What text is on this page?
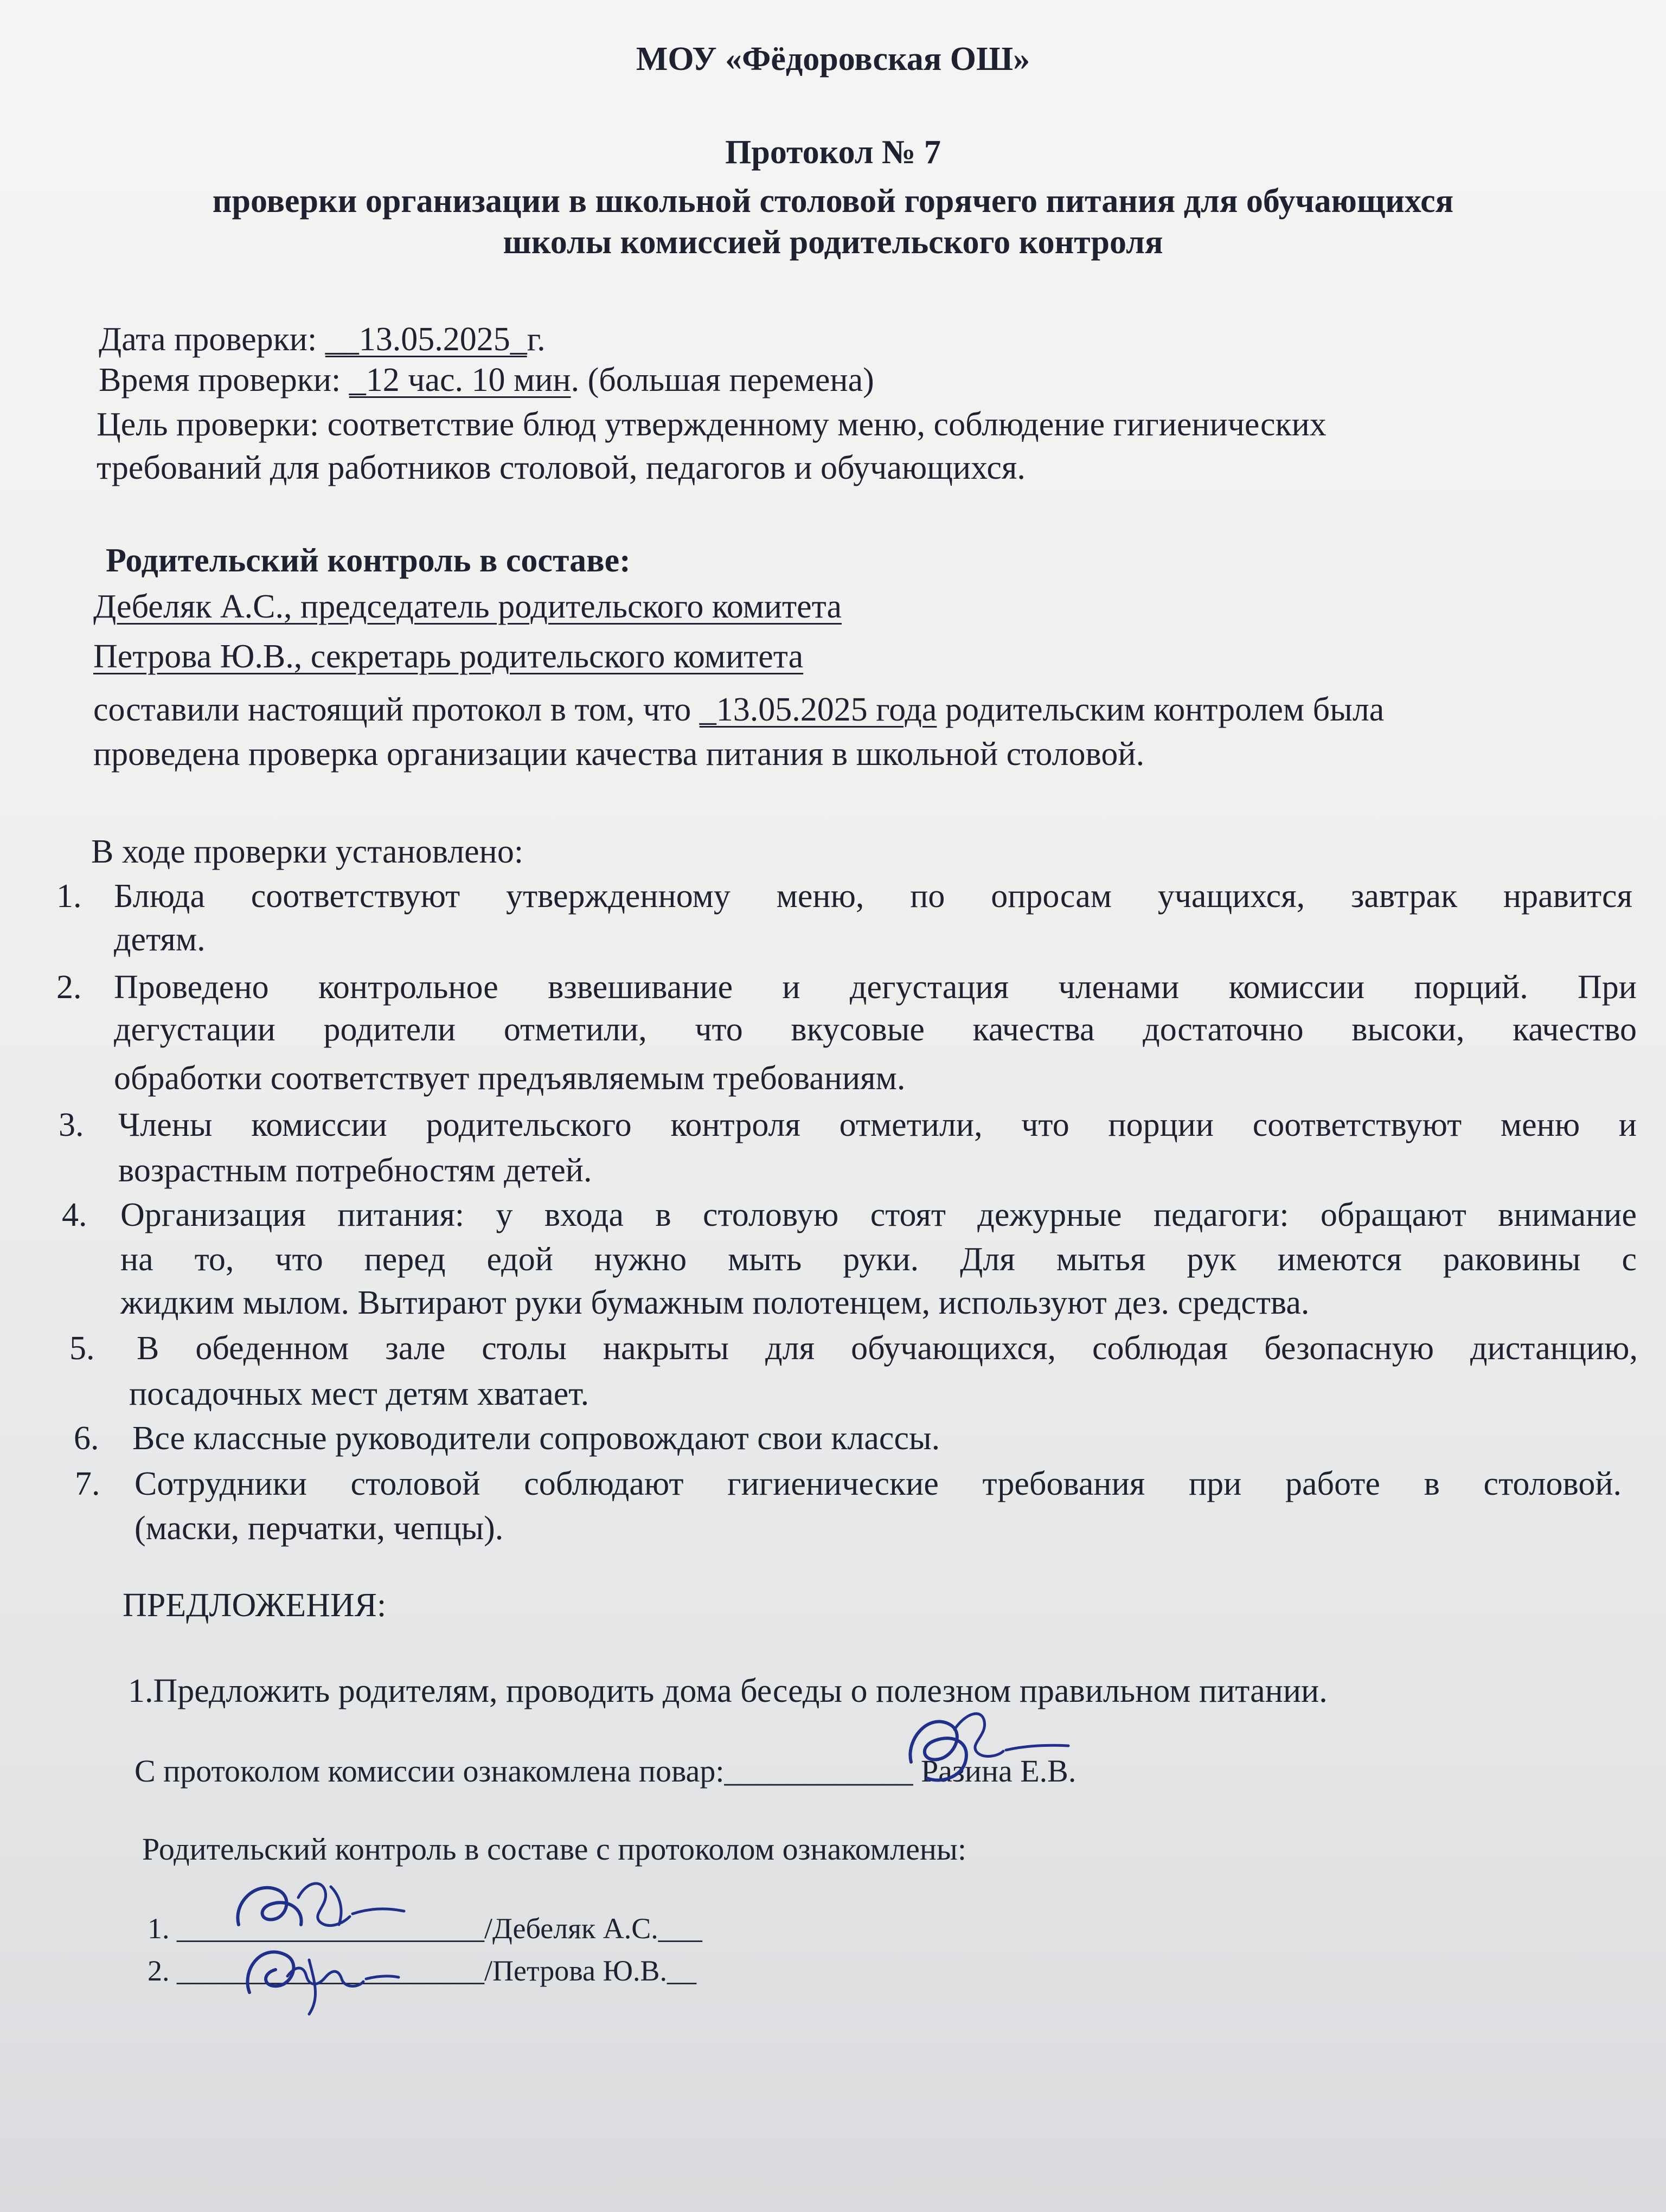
МОУ «Фёдоровская ОШ»
Протокол № 7
проверки организации в школьной столовой горячего питания для обучающихся
школы комиссией родительского контроля
Дата проверки: __13.05.2025_г.
Время проверки: _12 час. 10 мин. (большая перемена)
Цель проверки: соответствие блюд утвержденному меню, соблюдение гигиенических
требований для работников столовой, педагогов и обучающихся.
Родительский контроль в составе:
Дебеляк А.С., председатель родительского комитета
Петрова Ю.В., секретарь родительского комитета
составили настоящий протокол в том, что _13.05.2025 года родительским контролем была
проведена проверка организации качества питания в школьной столовой.
В ходе проверки установлено:
1. Блюда соответствуют утвержденному меню, по опросам учащихся, завтрак нравится
детям.
2. Проведено контрольное взвешивание и дегустация членами комиссии порций. При
дегустации родители отметили, что вкусовые качества достаточно высоки, качество
обработки соответствует предъявляемым требованиям.
3. Члены комиссии родительского контроля отметили, что порции соответствуют меню и
возрастным потребностям детей.
4. Организация питания: у входа в столовую стоят дежурные педагоги: обращают внимание
на то, что перед едой нужно мыть руки. Для мытья рук имеются раковины с
жидким мылом. Вытирают руки бумажным полотенцем, используют дез. средства.
5. В обеденном зале столы накрыты для обучающихся, соблюдая безопасную дистанцию,
посадочных мест детям хватает.
6. Все классные руководители сопровождают свои классы.
7. Сотрудники столовой соблюдают гигиенические требования при работе в столовой.
(маски, перчатки, чепцы).
ПРЕДЛОЖЕНИЯ:
1.Предложить родителям, проводить дома беседы о полезном правильном питании.
С протоколом комиссии ознакомлена повар:____________ Разина Е.В.
Родительский контроль в составе с протоколом ознакомлены:
1. _____________________/Дебеляк А.С.___
2. _____________________/Петрова Ю.В.__
